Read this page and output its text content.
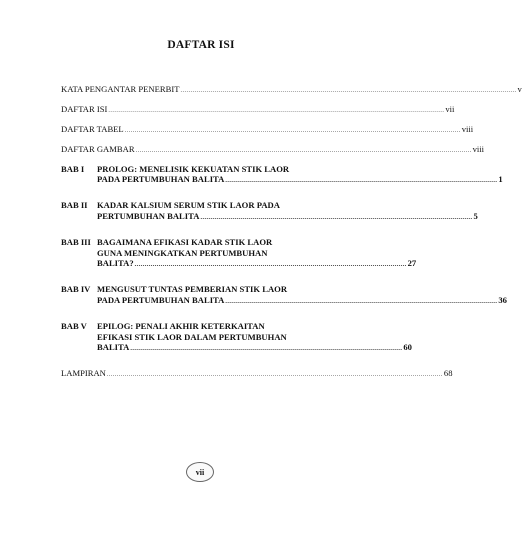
DAFTAR ISI
KATA PENGANTAR PENERBIT ........................................................................................................................................................................ v
DAFTAR ISI ........................................................................................................................................................................ vii
DAFTAR TABEL ........................................................................................................................................................................ viii
DAFTAR GAMBAR ........................................................................................................................................................................ viii
BAB I	PROLOG: MENELISIK KEKUATAN STIK LAOR
PADA PERTUMBUHAN BALITA ........................................................................................................................................ 1
BAB II	KADAR KALSIUM SERUM STIK LAOR PADA
PERTUMBUHAN BALITA ........................................................................................................................................ 5
BAB III BAGAIMANA EFIKASI KADAR STIK LAOR
GUNA MENINGKATKAN PERTUMBUHAN
BALITA? ........................................................................................................................................ 27
BAB IV MENGUSUT TUNTAS PEMBERIAN STIK LAOR
PADA PERTUMBUHAN BALITA ........................................................................................................................................ 36
BAB V	EPILOG: PENALI AKHIR KETERKAITAN
EFIKASI STIK LAOR DALAM PERTUMBUHAN
BALITA ........................................................................................................................................ 60
LAMPIRAN ........................................................................................................................................................................ 68
vii
